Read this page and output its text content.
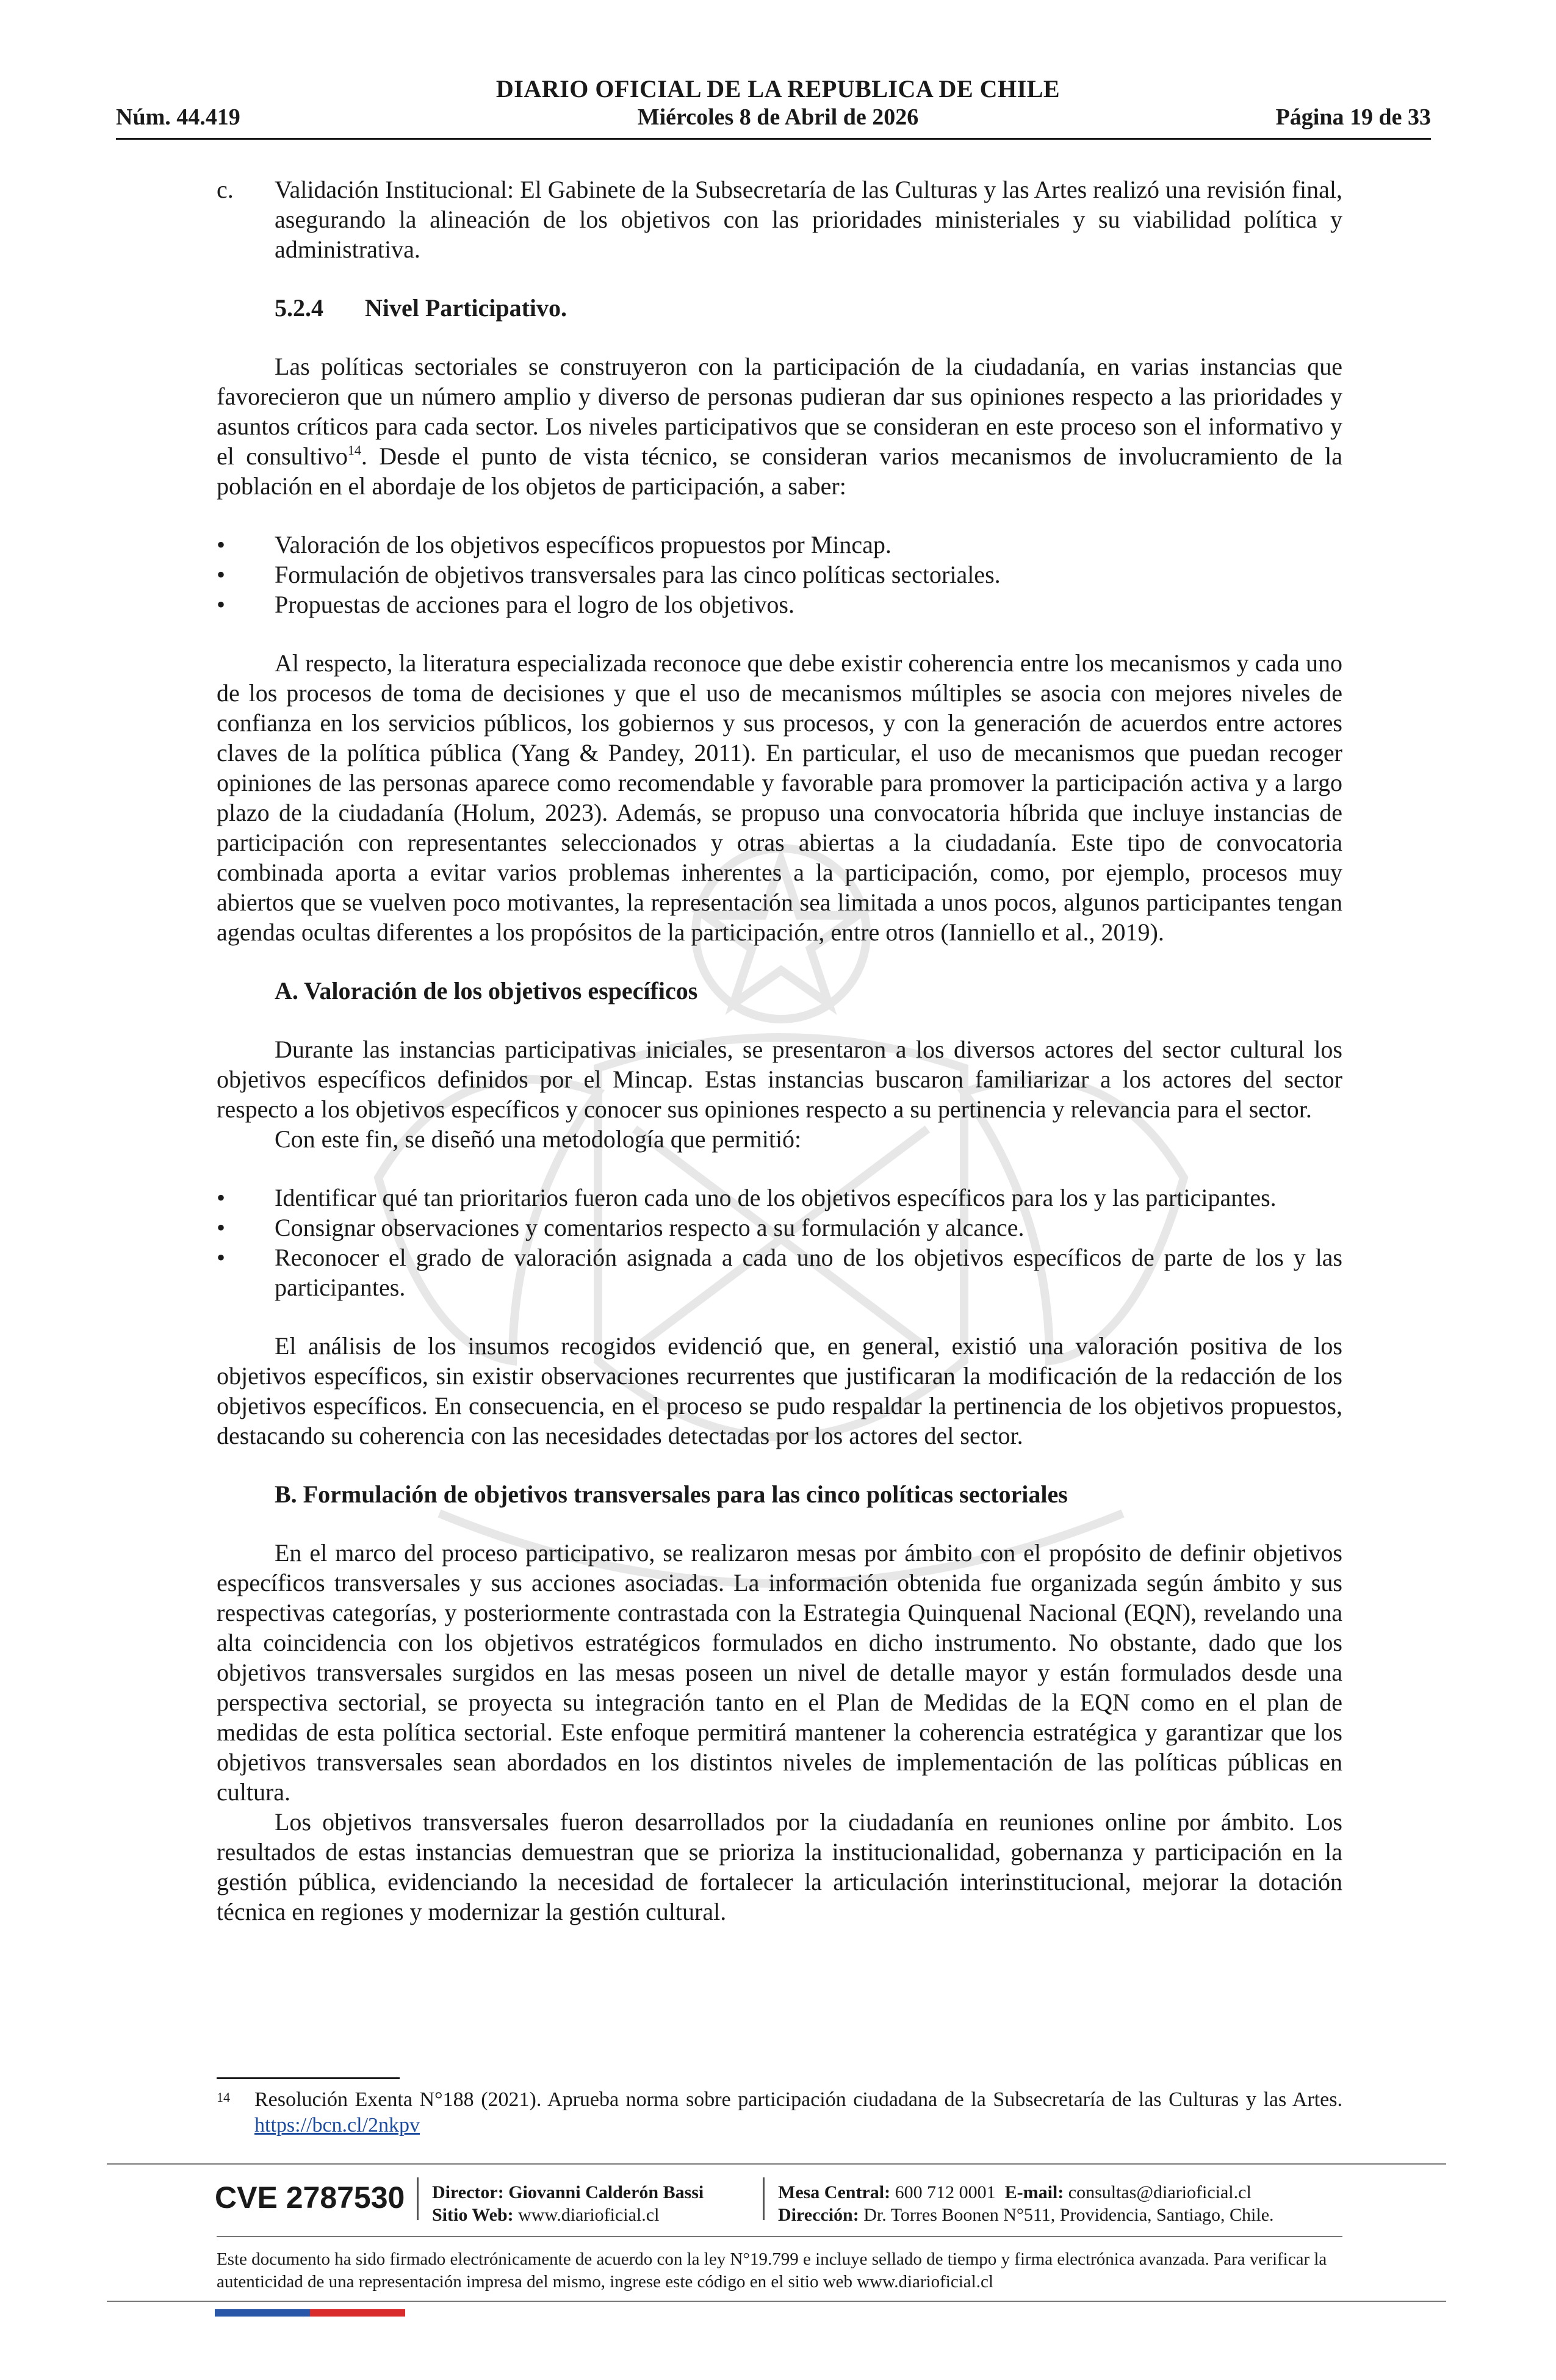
DIARIO OFICIAL DE LA REPUBLICA DE CHILE
Núm. 44.419	Miércoles 8 de Abril de 2026	Página 19 de 33

c. Validación Institucional: El Gabinete de la Subsecretaría de las Culturas y las Artes realizó una revisión final, asegurando la alineación de los objetivos con las prioridades ministeriales y su viabilidad política y administrativa.

5.2.4 Nivel Participativo.

Las políticas sectoriales se construyeron con la participación de la ciudadanía, en varias instancias que favorecieron que un número amplio y diverso de personas pudieran dar sus opiniones respecto a las prioridades y asuntos críticos para cada sector. Los niveles participativos que se consideran en este proceso son el informativo y el consultivo$^{14}$. Desde el punto de vista técnico, se consideran varios mecanismos de involucramiento de la población en el abordaje de los objetos de participación, a saber:

• Valoración de los objetivos específicos propuestos por Mincap.

• Formulación de objetivos transversales para las cinco políticas sectoriales.

• Propuestas de acciones para el logro de los objetivos.

Al respecto, la literatura especializada reconoce que debe existir coherencia entre los mecanismos y cada uno de los procesos de toma de decisiones y que el uso de mecanismos múltiples se asocia con mejores niveles de confianza en los servicios públicos, los gobiernos y sus procesos, y con la generación de acuerdos entre actores claves de la política pública (Yang & Pandey, 2011). En particular, el uso de mecanismos que puedan recoger opiniones de las personas aparece como recomendable y favorable para promover la participación activa y a largo plazo de la ciudadanía (Holum, 2023). Además, se propuso una convocatoria híbrida que incluye instancias de participación con representantes seleccionados y otras abiertas a la ciudadanía. Este tipo de convocatoria combinada aporta a evitar varios problemas inherentes a la participación, como, por ejemplo, procesos muy abiertos que se vuelven poco motivantes, la representación sea limitada a unos pocos, algunos participantes tengan agendas ocultas diferentes a los propósitos de la participación, entre otros (Ianniello et al., 2019).

A. Valoración de los objetivos específicos

Durante las instancias participativas iniciales, se presentaron a los diversos actores del sector cultural los objetivos específicos definidos por el Mincap. Estas instancias buscaron familiarizar a los actores del sector respecto a los objetivos específicos y conocer sus opiniones respecto a su pertinencia y relevancia para el sector.

Con este fin, se diseñó una metodología que permitió:

• Identificar qué tan prioritarios fueron cada uno de los objetivos específicos para los y las participantes.

• Consignar observaciones y comentarios respecto a su formulación y alcance.

• Reconocer el grado de valoración asignada a cada uno de los objetivos específicos de parte de los y las participantes.

El análisis de los insumos recogidos evidenció que, en general, existió una valoración positiva de los objetivos específicos, sin existir observaciones recurrentes que justificaran la modificación de la redacción de los objetivos específicos. En consecuencia, en el proceso se pudo respaldar la pertinencia de los objetivos propuestos, destacando su coherencia con las necesidades detectadas por los actores del sector.

B. Formulación de objetivos transversales para las cinco políticas sectoriales

En el marco del proceso participativo, se realizaron mesas por ámbito con el propósito de definir objetivos específicos transversales y sus acciones asociadas. La información obtenida fue organizada según ámbito y sus respectivas categorías, y posteriormente contrastada con la Estrategia Quinquenal Nacional (EQN), revelando una alta coincidencia con los objetivos estratégicos formulados en dicho instrumento. No obstante, dado que los objetivos transversales surgidos en las mesas poseen un nivel de detalle mayor y están formulados desde una perspectiva sectorial, se proyecta su integración tanto en el Plan de Medidas de la EQN como en el plan de medidas de esta política sectorial. Este enfoque permitirá mantener la coherencia estratégica y garantizar que los objetivos transversales sean abordados en los distintos niveles de implementación de las políticas públicas en cultura.

Los objetivos transversales fueron desarrollados por la ciudadanía en reuniones online por ámbito. Los resultados de estas instancias demuestran que se prioriza la institucionalidad, gobernanza y participación en la gestión pública, evidenciando la necesidad de fortalecer la articulación interinstitucional, mejorar la dotación técnica en regiones y modernizar la gestión cultural.

14	Resolución Exenta N°188 (2021). Aprueba norma sobre participación ciudadana de la Subsecretaría de las Culturas y las Artes. https://bcn.cl/2nkpv
CVE 2787530 Director: Giovanni Calderón Bassi
Sitio Web: www.diarioficial.cl
Mesa Central: 600 712 0001 E-mail: consultas@diarioficial.cl
Dirección: Dr. Torres Boonen N°511, Providencia, Santiago, Chile.
Este documento ha sido firmado electrónicamente de acuerdo con la ley N°19.799 e incluye sellado de tiempo y firma electrónica avanzada. Para verificar la autenticidad de una representación impresa del mismo, ingrese este código en el sitio web www.diarioficial.cl
